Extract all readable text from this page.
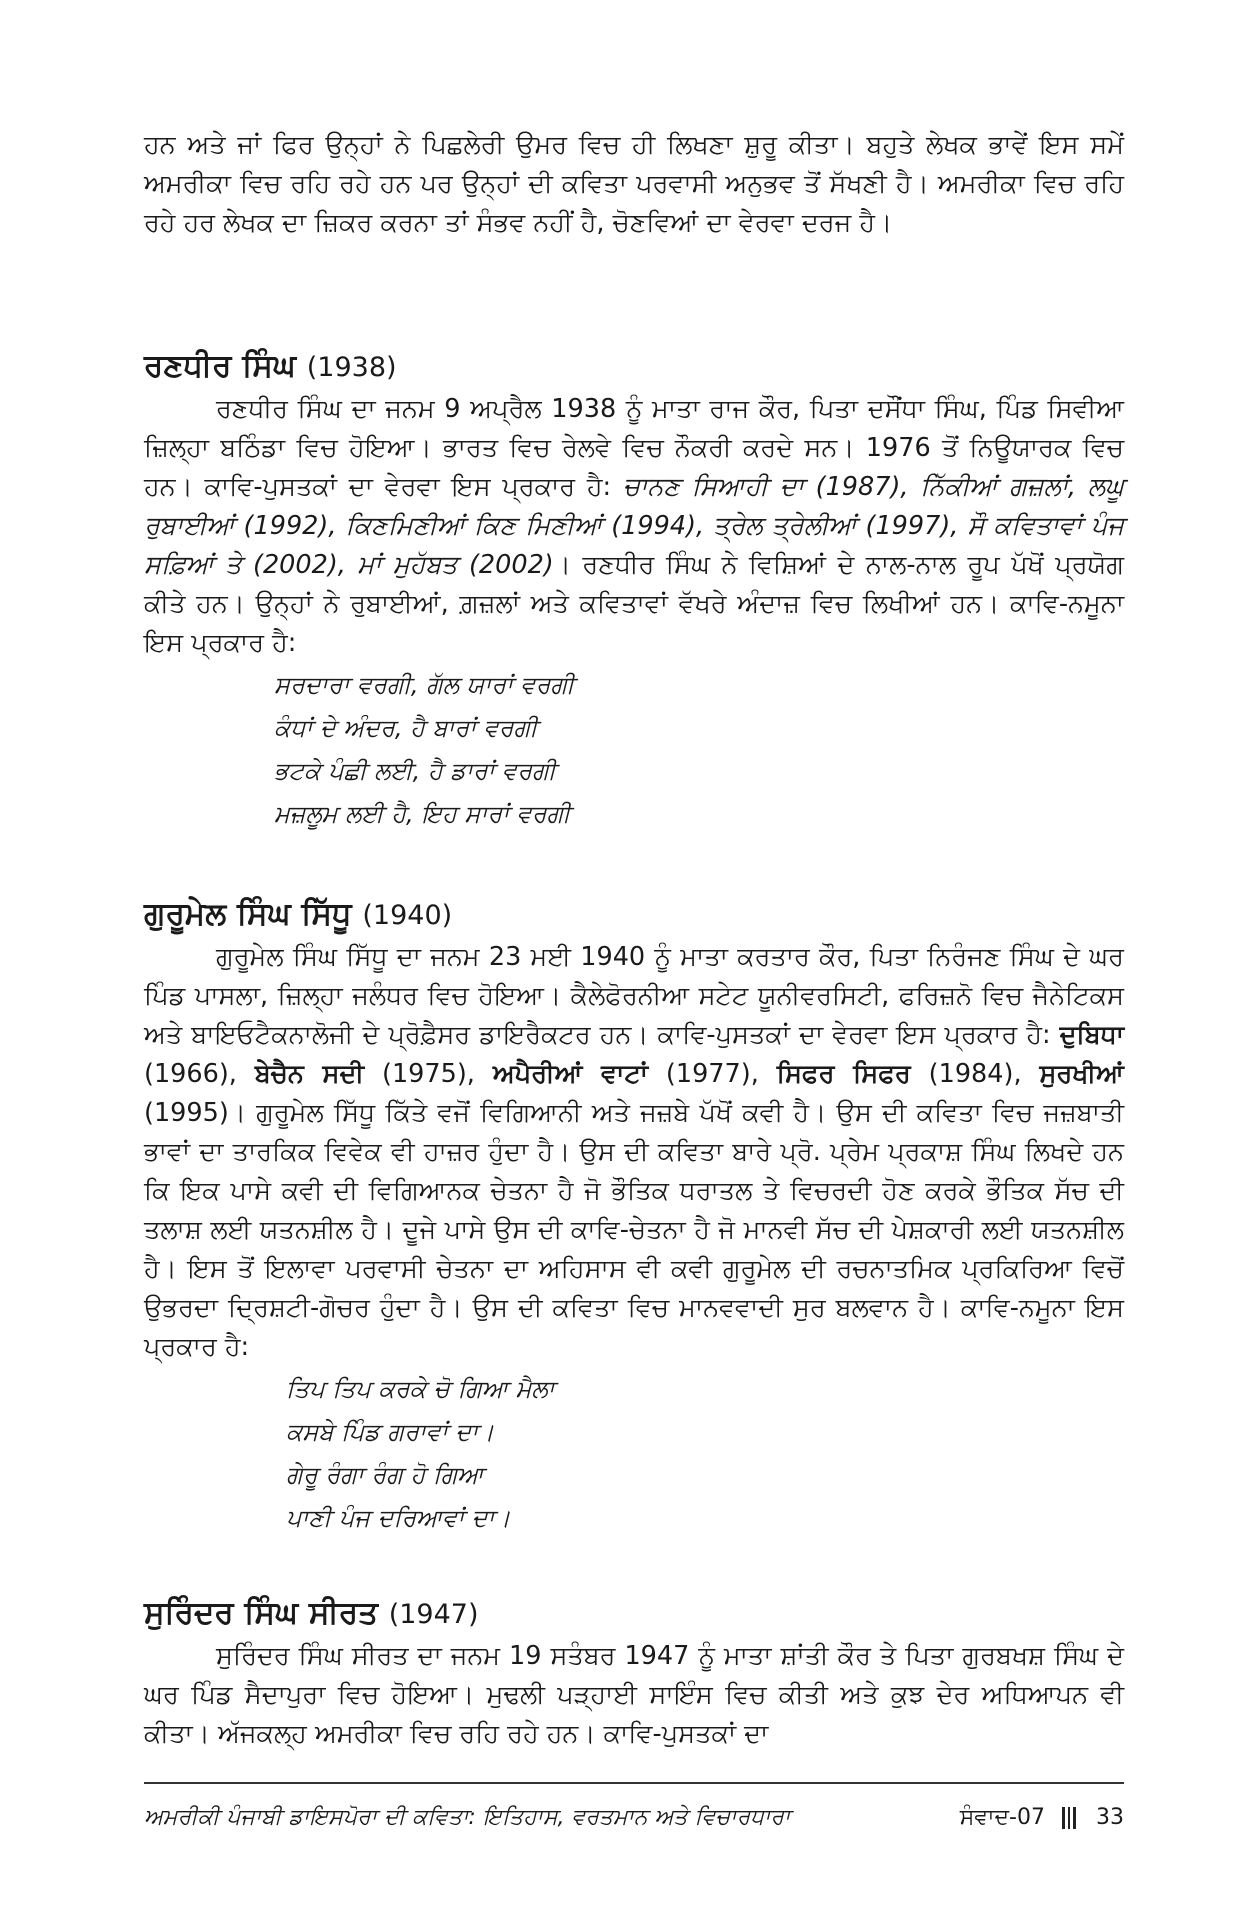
ਹਨ ਅਤੇ ਜਾਂ ਫਿਰ ਉਨ੍ਹਾਂ ਨੇ ਪਿਛਲੇਰੀ ਉਮਰ ਵਿਚ ਹੀ ਲਿਖਣਾ ਸ਼ੁਰੂ ਕੀਤਾ। ਬਹੁਤੇ ਲੇਖਕ ਭਾਵੇਂ ਇਸ ਸਮੇਂ ਅਮਰੀਕਾ ਵਿਚ ਰਹਿ ਰਹੇ ਹਨ ਪਰ ਉਨ੍ਹਾਂ ਦੀ ਕਵਿਤਾ ਪਰਵਾਸੀ ਅਨੁਭਵ ਤੋਂ ਸੱਖਣੀ ਹੈ। ਅਮਰੀਕਾ ਵਿਚ ਰਹਿ ਰਹੇ ਹਰ ਲੇਖਕ ਦਾ ਜ਼ਿਕਰ ਕਰਨਾ ਤਾਂ ਸੰਭਵ ਨਹੀਂ ਹੈ, ਚੋਣਵਿਆਂ ਦਾ ਵੇਰਵਾ ਦਰਜ ਹੈ।

ਰਣਧੀਰ ਸਿੰਘ (1938)

ਰਣਧੀਰ ਸਿੰਘ ਦਾ ਜਨਮ 9 ਅਪ੍ਰੈਲ 1938 ਨੂੰ ਮਾਤਾ ਰਾਜ ਕੌਰ, ਪਿਤਾ ਦਸੌਂਧਾ ਸਿੰਘ, ਪਿੰਡ ਸਿਵੀਆ ਜ਼ਿਲ੍ਹਾ ਬਠਿੰਡਾ ਵਿਚ ਹੋਇਆ। ਭਾਰਤ ਵਿਚ ਰੇਲਵੇ ਵਿਚ ਨੌਕਰੀ ਕਰਦੇ ਸਨ। 1976 ਤੋਂ ਨਿਊਯਾਰਕ ਵਿਚ ਹਨ। ਕਾਵਿ-ਪੁਸਤਕਾਂ ਦਾ ਵੇਰਵਾ ਇਸ ਪ੍ਰਕਾਰ ਹੈ: ਚਾਨਣ ਸਿਆਹੀ ਦਾ (1987), ਨਿੱਕੀਆਂ ਗਜ਼ਲਾਂ, ਲਘੂ ਰੁਬਾਈਆਂ (1992), ਕਿਣਮਿਣੀਆਂ ਕਿਣ ਮਿਣੀਆਂ (1994), ਤ੍ਰੇਲ ਤ੍ਰੇਲੀਆਂ (1997), ਸੌ ਕਵਿਤਾਵਾਂ ਪੰਜ ਸਫ਼ਿਆਂ ਤੇ (2002), ਮਾਂ ਮੁਹੱਬਤ (2002)। ਰਣਧੀਰ ਸਿੰਘ ਨੇ ਵਿਸ਼ਿਆਂ ਦੇ ਨਾਲ-ਨਾਲ ਰੂਪ ਪੱਖੋਂ ਪ੍ਰਯੋਗ ਕੀਤੇ ਹਨ। ਉਨ੍ਹਾਂ ਨੇ ਰੁਬਾਈਆਂ, ਗ਼ਜ਼ਲਾਂ ਅਤੇ ਕਵਿਤਾਵਾਂ ਵੱਖਰੇ ਅੰਦਾਜ਼ ਵਿਚ ਲਿਖੀਆਂ ਹਨ। ਕਾਵਿ-ਨਮੂਨਾ ਇਸ ਪ੍ਰਕਾਰ ਹੈ:

ਸਰਦਾਰਾ ਵਰਗੀ, ਗੱਲ ਯਾਰਾਂ ਵਰਗੀ
ਕੰਧਾਂ ਦੇ ਅੰਦਰ, ਹੈ ਬਾਰਾਂ ਵਰਗੀ
ਭਟਕੇ ਪੰਛੀ ਲਈ, ਹੈ ਡਾਰਾਂ ਵਰਗੀ
ਮਜ਼ਲੂਮ ਲਈ ਹੈ, ਇਹ ਸਾਰਾਂ ਵਰਗੀ
ਗੁਰੂਮੇਲ ਸਿੰਘ ਸਿੱਧੂ (1940)

ਗੁਰੂਮੇਲ ਸਿੰਘ ਸਿੱਧੂ ਦਾ ਜਨਮ 23 ਮਈ 1940 ਨੂੰ ਮਾਤਾ ਕਰਤਾਰ ਕੌਰ, ਪਿਤਾ ਨਿਰੰਜਣ ਸਿੰਘ ਦੇ ਘਰ ਪਿੰਡ ਪਾਸਲਾ, ਜ਼ਿਲ੍ਹਾ ਜਲੰਧਰ ਵਿਚ ਹੋਇਆ। ਕੈਲੇਫੋਰਨੀਆ ਸਟੇਟ ਯੂਨੀਵਰਸਿਟੀ, ਫਰਿਜ਼ਨੋ ਵਿਚ ਜੈਨੇਟਿਕਸ ਅਤੇ ਬਾਇਓਟੈਕਨਾਲੋਜੀ ਦੇ ਪ੍ਰੋਫ਼ੈਸਰ ਡਾਇਰੈਕਟਰ ਹਨ। ਕਾਵਿ-ਪੁਸਤਕਾਂ ਦਾ ਵੇਰਵਾ ਇਸ ਪ੍ਰਕਾਰ ਹੈ: ਦੁਬਿਧਾ (1966), ਬੇਚੈਨ ਸਦੀ (1975), ਅਪੈਰੀਆਂ ਵਾਟਾਂ (1977), ਸਿਫਰ ਸਿਫਰ (1984), ਸੁਰਖੀਆਂ (1995)। ਗੁਰੂਮੇਲ ਸਿੱਧੂ ਕਿੱਤੇ ਵਜੋਂ ਵਿਗਿਆਨੀ ਅਤੇ ਜਜ਼ਬੇ ਪੱਖੋਂ ਕਵੀ ਹੈ। ਉਸ ਦੀ ਕਵਿਤਾ ਵਿਚ ਜਜ਼ਬਾਤੀ ਭਾਵਾਂ ਦਾ ਤਾਰਕਿਕ ਵਿਵੇਕ ਵੀ ਹਾਜ਼ਰ ਹੁੰਦਾ ਹੈ। ਉਸ ਦੀ ਕਵਿਤਾ ਬਾਰੇ ਪ੍ਰੋ. ਪ੍ਰੇਮ ਪ੍ਰਕਾਸ਼ ਸਿੰਘ ਲਿਖਦੇ ਹਨ ਕਿ ਇਕ ਪਾਸੇ ਕਵੀ ਦੀ ਵਿਗਿਆਨਕ ਚੇਤਨਾ ਹੈ ਜੋ ਭੌਤਿਕ ਧਰਾਤਲ ਤੇ ਵਿਚਰਦੀ ਹੋਣ ਕਰਕੇ ਭੌਤਿਕ ਸੱਚ ਦੀ ਤਲਾਸ਼ ਲਈ ਯਤਨਸ਼ੀਲ ਹੈ। ਦੂਜੇ ਪਾਸੇ ਉਸ ਦੀ ਕਾਵਿ-ਚੇਤਨਾ ਹੈ ਜੋ ਮਾਨਵੀ ਸੱਚ ਦੀ ਪੇਸ਼ਕਾਰੀ ਲਈ ਯਤਨਸ਼ੀਲ ਹੈ। ਇਸ ਤੋਂ ਇਲਾਵਾ ਪਰਵਾਸੀ ਚੇਤਨਾ ਦਾ ਅਹਿਸਾਸ ਵੀ ਕਵੀ ਗੁਰੂਮੇਲ ਦੀ ਰਚਨਾਤਮਿਕ ਪ੍ਰਕਿਰਿਆ ਵਿਚੋਂ ਉਭਰਦਾ ਦ੍ਰਿਸ਼ਟੀ-ਗੋਚਰ ਹੁੰਦਾ ਹੈ। ਉਸ ਦੀ ਕਵਿਤਾ ਵਿਚ ਮਾਨਵਵਾਦੀ ਸੁਰ ਬਲਵਾਨ ਹੈ। ਕਾਵਿ-ਨਮੂਨਾ ਇਸ ਪ੍ਰਕਾਰ ਹੈ:

ਤਿਪ ਤਿਪ ਕਰਕੇ ਚੋ ਗਿਆ ਮੈਲਾ
ਕਸਬੇ ਪਿੰਡ ਗਰਾਵਾਂ ਦਾ।
ਗੇਰੂ ਰੰਗਾ ਰੰਗ ਹੋ ਗਿਆ
ਪਾਣੀ ਪੰਜ ਦਰਿਆਵਾਂ ਦਾ।
ਸੁਰਿੰਦਰ ਸਿੰਘ ਸੀਰਤ (1947)

ਸੁਰਿੰਦਰ ਸਿੰਘ ਸੀਰਤ ਦਾ ਜਨਮ 19 ਸਤੰਬਰ 1947 ਨੂੰ ਮਾਤਾ ਸ਼ਾਂਤੀ ਕੌਰ ਤੇ ਪਿਤਾ ਗੁਰਬਖਸ਼ ਸਿੰਘ ਦੇ ਘਰ ਪਿੰਡ ਸੈਦਾਪੁਰਾ ਵਿਚ ਹੋਇਆ। ਮੁਢਲੀ ਪੜ੍ਹਾਈ ਸਾਇੰਸ ਵਿਚ ਕੀਤੀ ਅਤੇ ਕੁਝ ਦੇਰ ਅਧਿਆਪਨ ਵੀ ਕੀਤਾ। ਅੱਜਕਲ੍ਹ ਅਮਰੀਕਾ ਵਿਚ ਰਹਿ ਰਹੇ ਹਨ। ਕਾਵਿ-ਪੁਸਤਕਾਂ ਦਾ

ਅਮਰੀਕੀ ਪੰਜਾਬੀ ਡਾਇਸਪੋਰਾ ਦੀ ਕਵਿਤਾ: ਇਤਿਹਾਸ, ਵਰਤਮਾਨ ਅਤੇ ਵਿਚਾਰਧਾਰਾ	ਸੰਵਾਦ-07 33
